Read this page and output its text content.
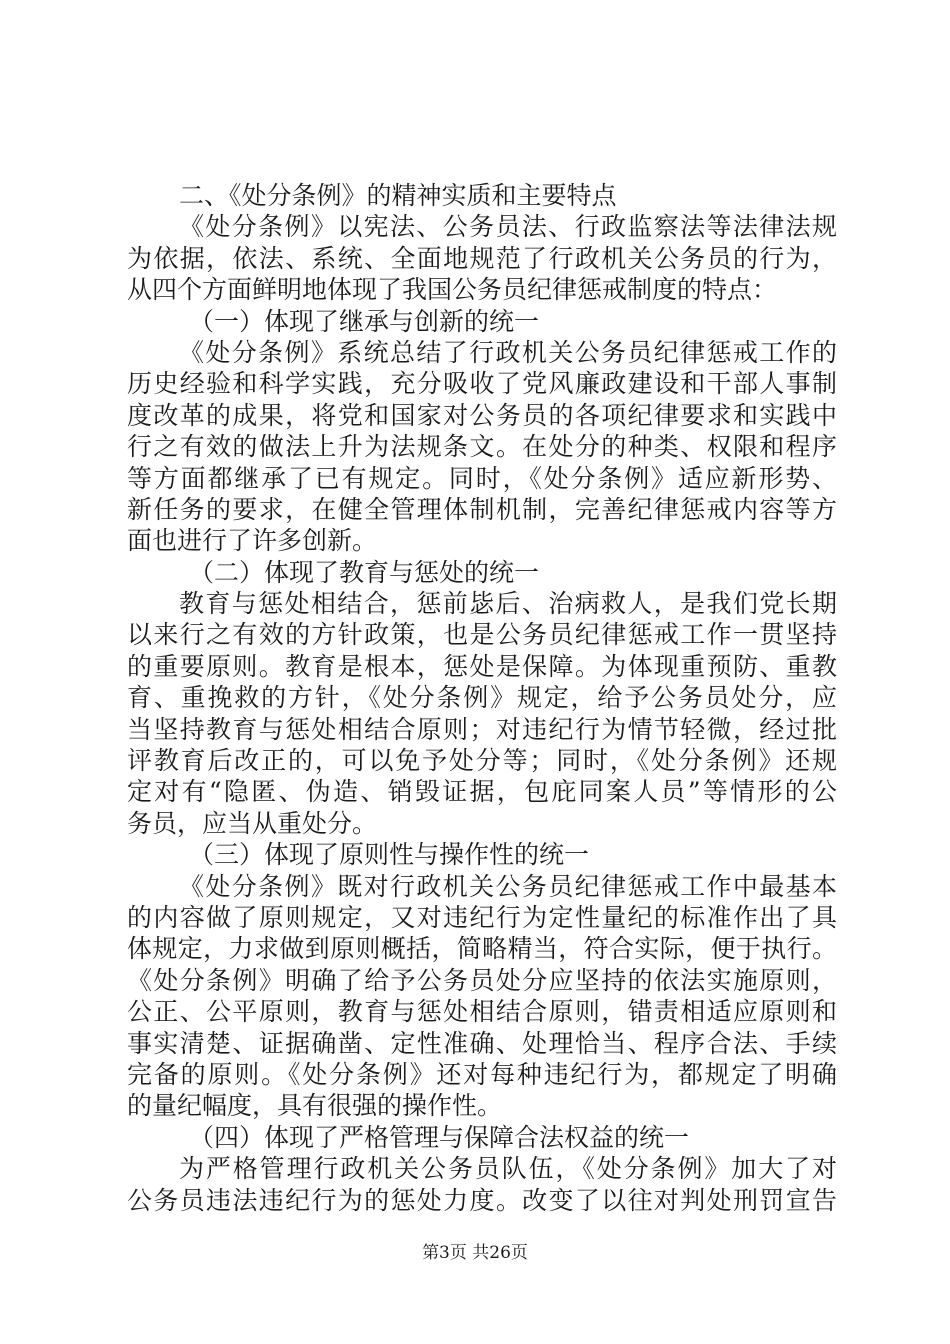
二、《处分条例》的精神实质和主要特点
《处分条例》以宪法、公务员法、行政监察法等法律法规
为依据，依法、系统、全面地规范了行政机关公务员的行为，
从四个方面鲜明地体现了我国公务员纪律惩戒制度的特点：
（一）体现了继承与创新的统一
《处分条例》系统总结了行政机关公务员纪律惩戒工作的
历史经验和科学实践，充分吸收了党风廉政建设和干部人事制
度改革的成果，将党和国家对公务员的各项纪律要求和实践中
行之有效的做法上升为法规条文。在处分的种类、权限和程序
等方面都继承了已有规定。同时，《处分条例》适应新形势、
新任务的要求，在健全管理体制机制，完善纪律惩戒内容等方
面也进行了许多创新。
（二）体现了教育与惩处的统一
教育与惩处相结合，惩前毖后、治病救人，是我们党长期
以来行之有效的方针政策，也是公务员纪律惩戒工作一贯坚持
的重要原则。教育是根本，惩处是保障。为体现重预防、重教
育、重挽救的方针，《处分条例》规定，给予公务员处分，应
当坚持教育与惩处相结合原则；对违纪行为情节轻微，经过批
评教育后改正的，可以免予处分等；同时，《处分条例》还规
定对有“隐匿、伪造、销毁证据，包庇同案人员”等情形的公
务员，应当从重处分。
（三）体现了原则性与操作性的统一
《处分条例》既对行政机关公务员纪律惩戒工作中最基本
的内容做了原则规定，又对违纪行为定性量纪的标准作出了具
体规定，力求做到原则概括，简略精当，符合实际，便于执行。
《处分条例》明确了给予公务员处分应坚持的依法实施原则，
公正、公平原则，教育与惩处相结合原则，错责相适应原则和
事实清楚、证据确凿、定性准确、处理恰当、程序合法、手续
完备的原则。《处分条例》还对每种违纪行为，都规定了明确
的量纪幅度，具有很强的操作性。
（四）体现了严格管理与保障合法权益的统一
为严格管理行政机关公务员队伍，《处分条例》加大了对
公务员违法违纪行为的惩处力度。改变了以往对判处刑罚宣告
第3页 共26页
